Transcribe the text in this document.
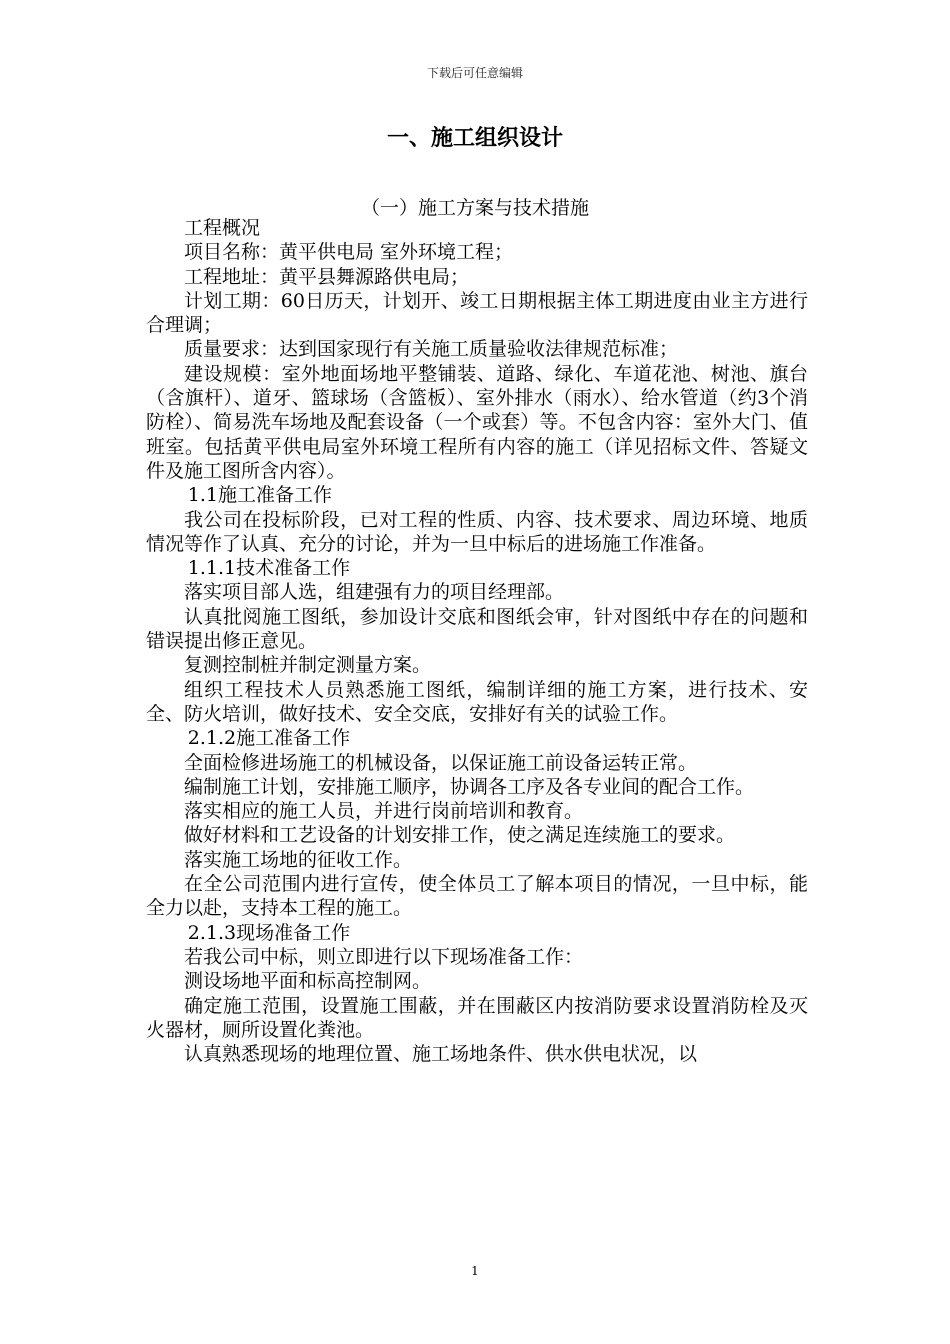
下载后可任意编辑
一、施工组织设计
（一）施工方案与技术措施

工程概况

项目名称：黄平供电局 室外环境工程；

工程地址：黄平县舞源路供电局；

计划工期：60日历天，计划开、竣工日期根据主体工期进度由业主方进行合理调；

质量要求：达到国家现行有关施工质量验收法律规范标准；

建设规模：室外地面场地平整铺装、道路、绿化、车道花池、树池、旗台（含旗杆）、道牙、篮球场（含篮板）、室外排水（雨水）、给水管道（约3个消防栓）、简易洗车场地及配套设备（一个或套）等。不包含内容：室外大门、值班室。包括黄平供电局室外环境工程所有内容的施工（详见招标文件、答疑文件及施工图所含内容）。

1.1施工准备工作

我公司在投标阶段，已对工程的性质、内容、技术要求、周边环境、地质情况等作了认真、充分的讨论，并为一旦中标后的进场施工作准备。

1.1.1技术准备工作

落实项目部人选，组建强有力的项目经理部。

认真批阅施工图纸，参加设计交底和图纸会审，针对图纸中存在的问题和错误提出修正意见。

复测控制桩并制定测量方案。

组织工程技术人员熟悉施工图纸，编制详细的施工方案，进行技术、安全、防火培训，做好技术、安全交底，安排好有关的试验工作。

2.1.2施工准备工作

全面检修进场施工的机械设备，以保证施工前设备运转正常。

编制施工计划，安排施工顺序，协调各工序及各专业间的配合工作。

落实相应的施工人员，并进行岗前培训和教育。

做好材料和工艺设备的计划安排工作，使之满足连续施工的要求。

落实施工场地的征收工作。

在全公司范围内进行宣传，使全体员工了解本项目的情况，一旦中标，能全力以赴，支持本工程的施工。

2.1.3现场准备工作

若我公司中标，则立即进行以下现场准备工作：

测设场地平面和标高控制网。

确定施工范围，设置施工围蔽，并在围蔽区内按消防要求设置消防栓及灭火器材，厕所设置化粪池。

认真熟悉现场的地理位置、施工场地条件、供水供电状况，以

1
